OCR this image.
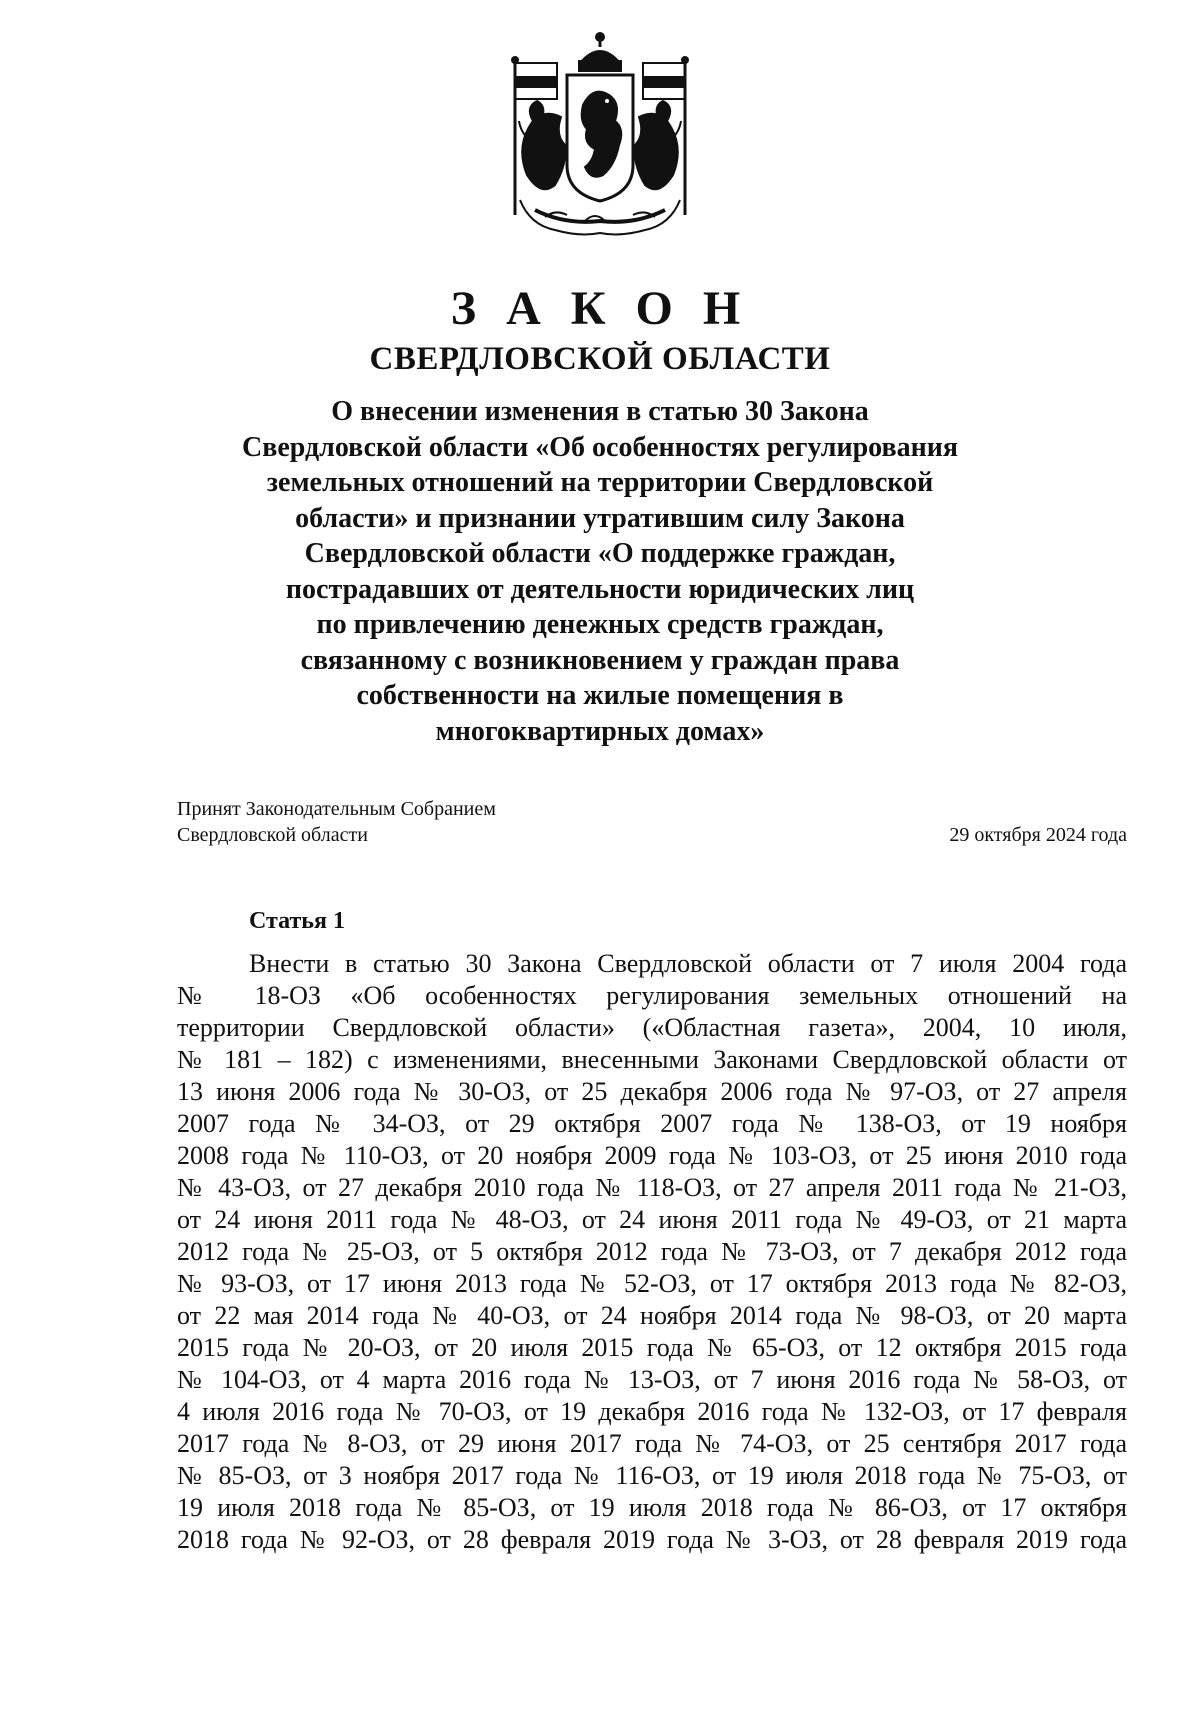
З А К О Н
СВЕРДЛОВСКОЙ ОБЛАСТИ
О внесении изменения в статью 30 Закона
Свердловской области «Об особенностях регулирования
земельных отношений на территории Свердловской
области» и признании утратившим силу Закона
Свердловской области «О поддержке граждан,
пострадавших от деятельности юридических лиц
по привлечению денежных средств граждан,
связанному с возникновением у граждан права
собственности на жилые помещения в
многоквартирных домах»
Принят Законодательным Собранием
Свердловской области	29 октября 2024 года
Статья 1
Внести в статью 30 Закона Свердловской области от 7 июля 2004 года
№ 18-ОЗ «Об особенностях регулирования земельных отношений на
территории Свердловской области» («Областная газета», 2004, 10 июля,
№ 181 – 182) с изменениями, внесенными Законами Свердловской области от
13 июня 2006 года № 30-ОЗ, от 25 декабря 2006 года № 97-ОЗ, от 27 апреля
2007 года № 34-ОЗ, от 29 октября 2007 года № 138-ОЗ, от 19 ноября
2008 года № 110-ОЗ, от 20 ноября 2009 года № 103-ОЗ, от 25 июня 2010 года
№ 43-ОЗ, от 27 декабря 2010 года № 118-ОЗ, от 27 апреля 2011 года № 21-ОЗ,
от 24 июня 2011 года № 48-ОЗ, от 24 июня 2011 года № 49-ОЗ, от 21 марта
2012 года № 25-ОЗ, от 5 октября 2012 года № 73-ОЗ, от 7 декабря 2012 года
№ 93-ОЗ, от 17 июня 2013 года № 52-ОЗ, от 17 октября 2013 года № 82-ОЗ,
от 22 мая 2014 года № 40-ОЗ, от 24 ноября 2014 года № 98-ОЗ, от 20 марта
2015 года № 20-ОЗ, от 20 июля 2015 года № 65-ОЗ, от 12 октября 2015 года
№ 104-ОЗ, от 4 марта 2016 года № 13-ОЗ, от 7 июня 2016 года № 58-ОЗ, от
4 июля 2016 года № 70-ОЗ, от 19 декабря 2016 года № 132-ОЗ, от 17 февраля
2017 года № 8-ОЗ, от 29 июня 2017 года № 74-ОЗ, от 25 сентября 2017 года
№ 85-ОЗ, от 3 ноября 2017 года № 116-ОЗ, от 19 июля 2018 года № 75-ОЗ, от
19 июля 2018 года № 85-ОЗ, от 19 июля 2018 года № 86-ОЗ, от 17 октября
2018 года № 92-ОЗ, от 28 февраля 2019 года № 3-ОЗ, от 28 февраля 2019 года
